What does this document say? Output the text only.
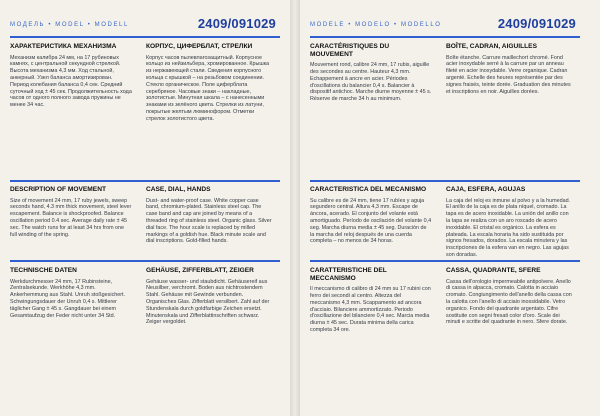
МОДЕЛЬ • MODEL • MODELL	2409/091029
ХАРАКТЕРИСТИКА МЕХАНИЗМА
Механизм калибра 24 мм, на 17 рубиновых камнях, с центральной секундной стрелкой. Высота механизма 4,3 мм. Ход стальной, анкерный. Узел баланса амортизирован. Период колебания баланса 0,4 сек. Средний суточный ход ± 45 сек. Продолжительность хода часов от одного полного завода пружины не менее 34 час.
КОРПУС, ЦИФЕРБЛАТ, СТРЕЛКИ
Корпус часов пылевлагозащитный. Корпусное кольцо из нейзильбера, хромированное. Крышка из нержавеющей стали. Сведения корпусного кольца с крышкой – на резьбовом соединении. Стекло органическое. Поле циферблата серебряное. Часовые знаки – накладные, золотистые. Минутная шкала – с нанесенными знаками из зелёного цвета. Стрелки из латуни, покрытые желтым люминофором. Отметки стрелок золотистого цвета.
DESCRIPTION OF MOVEMENT
Size of movement 24 mm, 17 ruby jewels, sweep seconds hand, 4.3 mm thick movement, steel lever escapement. Balance is shockproofed. Balance oscillation period 0.4 sec. Average daily rate ± 45 sec. The watch runs for at least 34 hrs from one full winding of the spring.
CASE, DIAL, HANDS
Dust- and water-proof case. White copper case band, chromium-plated. Stainless steel cap. The case band and cap are joined by means of a threaded ring of stainless steel. Organic glass. Silver dial face. The hour scale is replaced by milled markings of a goldish hue. Black minute scale and dial inscriptions. Gold-filled hands.
TECHNISCHE DATEN
Werkdurchmesser 24 mm, 17 Rubinsteine, Zentralsekunde. Werkhöhe 4,3 mm. Ankerhemmung aus Stahl. Unruh stoßgesichert. Schwingungsdauer der Unruh 0,4 s. Mittlerer täglicher Gang ± 45 s. Gangdauer bei einem Gesamtaufzug der Feder nicht unter 34 Std.
GEHÄUSE, ZIFFERBLATT, ZEIGER
Gehäuse wasser- und staubdicht. Gehäusereif aus Neusilber, verchromt. Boden aus nichtrostendem Stahl. Gehäuse mit Gewinde verbunden. Organisches Glas. Zifferblatt versilbert. Zahl auf der Stundenskala durch goldfarbige Zeichen ersetzt. Minutenskala und Zifferblattinschriften schwarz. Zeiger vergoldet.
MODELE • MODELO • MODELLO	2409/091029
CARACTÉRISTIQUES DU MOUVEMENT
Mouvement rond, calibre 24 mm, 17 rubis, aiguille des secondes au centre. Hauteur 4,3 mm. Echappement à ancre en acier. Périodes d'oscillations du balancier 0,4 s. Balancier à dispositif antichoc. Marche diurne moyenne ± 45 s. Réserve de marche 34 h au minimum.
BOÎTE, CADRAN, AIGUILLES
Boîte étanche. Carrure maillechort chromé. Fond acier inoxydable serré à la carrure par un anneau fileté en acier inoxydable. Verre organique. Cadran argenté. Echelle des heures représentée par des signes fraisés, teinte dorée. Graduation des minutes et inscriptions en noir. Aiguilles dorées.
CARACTERISTICA DEL MECANISMO
Su calibre es de 24 mm, tiene 17 rubíes y aguja segundero central. Altura 4,3 mm. Escape de áncora, acerado. El conjunto del volante está amortiguado. Período de oscilación del volante 0,4 seg. Marcha diurna media ± 45 seg. Duración de la marcha del reloj después de una cuerda completa – no menos de 34 horas.
CAJA, ESFERA, AGUJAS
La caja del reloj es inmune al polvo y a la humedad. El anillo de la caja es de plata níquel, cromado. La tapa es de acero inoxidable. La unión del anillo con la tapa se realiza con un aro roscado de acero inoxidable. El cristal es orgánico. La esfera es plateada. La escala horaria ha sido sustituida por signos fresados, dorados. La escala minutera y las inscripciones de la esfera van en negro. Las agujas son doradas.
CARATTERISTICHE DEL MECCANISMO
Il meccanismo di calibro di 24 mm su 17 rubini con ferro dei secondi al centro. Altezza del meccanismo 4,3 mm. Scappamento ad ancora d'acciaio. Bilanciere ammortizzato. Periodo d'oscillazione del bilanciere 0,4 sec. Marcia media diurna ± 45 sec. Durata minima della carica completa 34 ore.
CASSA, QUADRANTE, SFERE
Cassa dell'orologio impermeabile antipolvere. Anello di cassa in alpacca, cromato. Calotta in acciaio cromato. Congiungimento dell'anello della cassa con la calotta con l'anello di acciaio inossidabile. Vetro organico. Fondo del quadrante argentato. Cifre sostituite con segni fresati color d'oro. Scale dei minuti e scritte del quadrante in nero. Sfere dorate.
